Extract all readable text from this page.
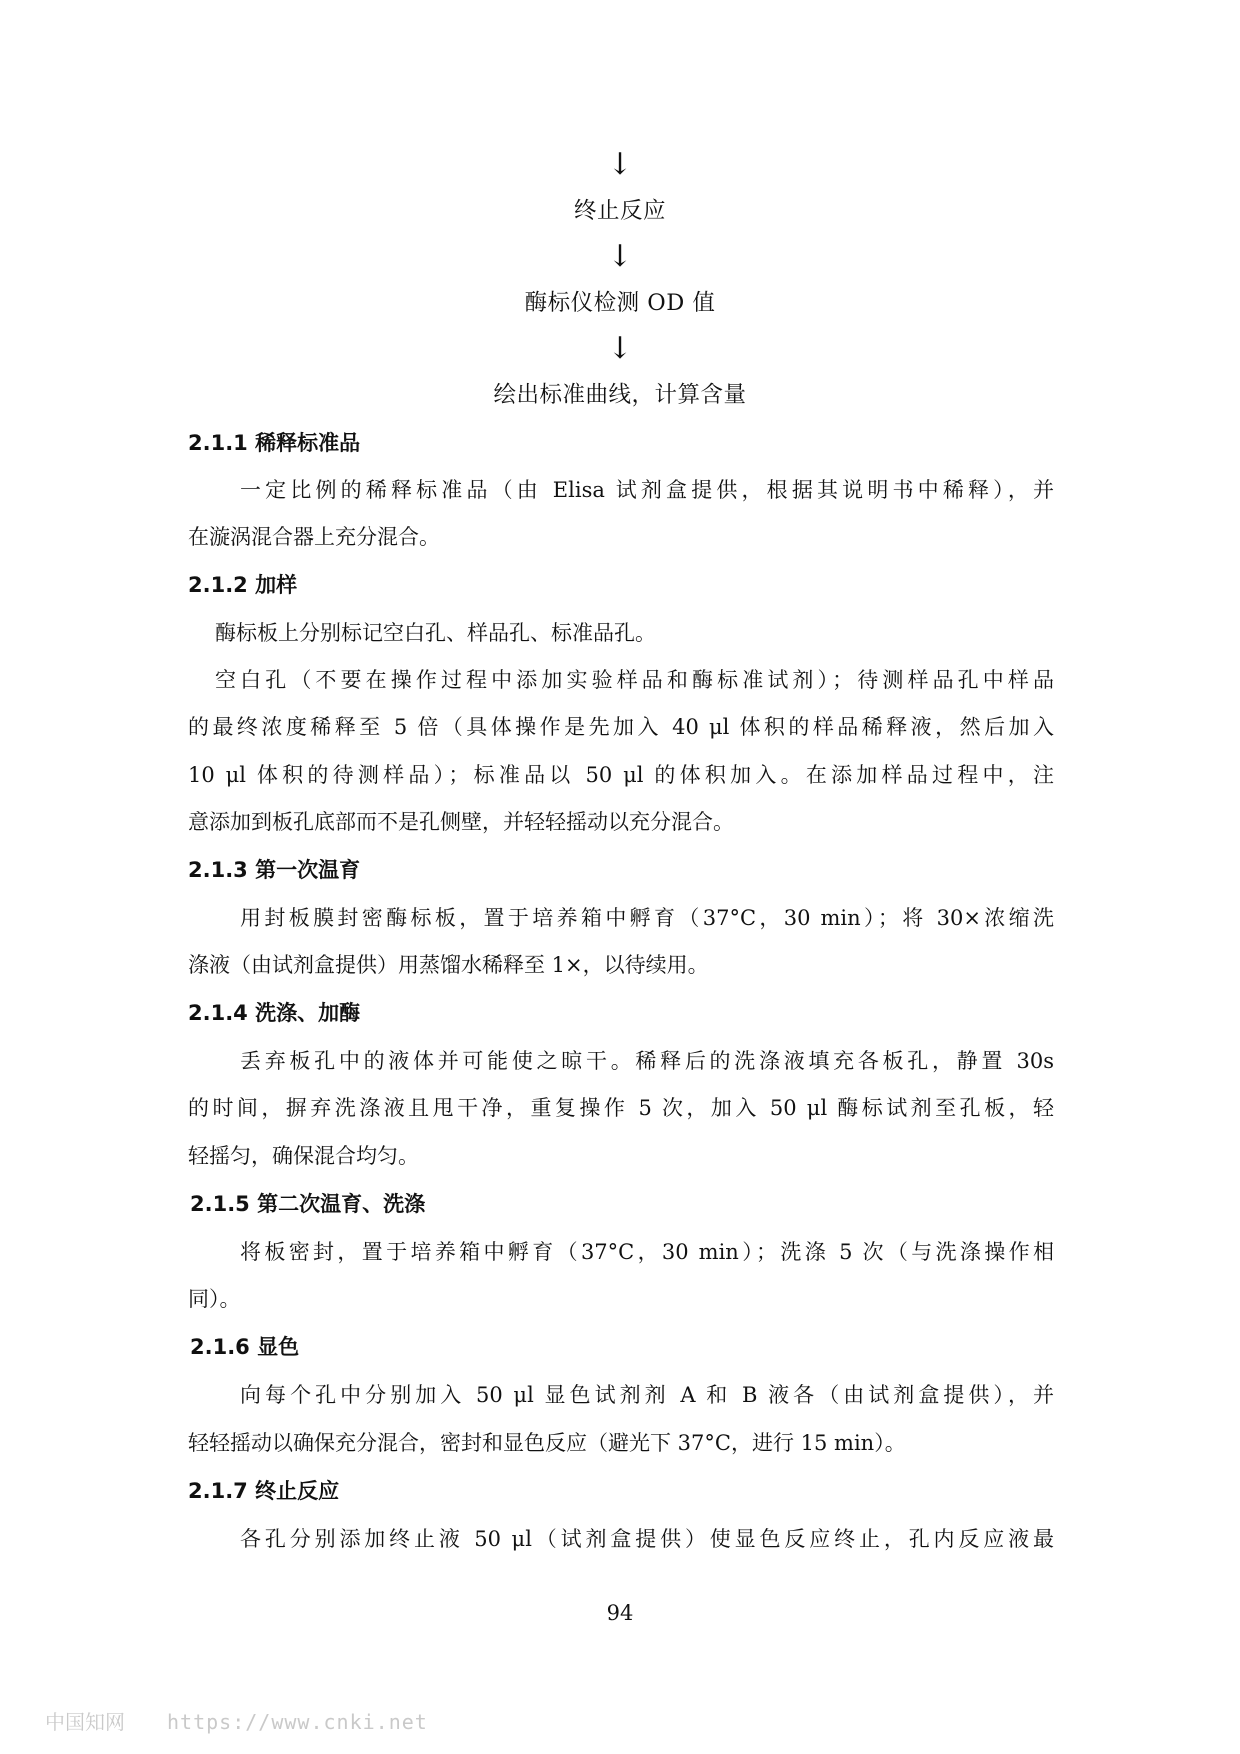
↓
终止反应
↓
酶标仪检测 OD 值
↓
绘出标准曲线，计算含量
2.1.1 稀释标准品
一定比例的稀释标准品（由 Elisa 试剂盒提供，根据其说明书中稀释），并
在漩涡混合器上充分混合。
2.1.2 加样
酶标板上分别标记空白孔、样品孔、标准品孔。
空白孔（不要在操作过程中添加实验样品和酶标准试剂）；待测样品孔中样品
的最终浓度稀释至 5 倍（具体操作是先加入 40 μl 体积的样品稀释液，然后加入
10 μl 体积的待测样品）；标准品以 50 μl 的体积加入。在添加样品过程中，注
意添加到板孔底部而不是孔侧壁，并轻轻摇动以充分混合。
2.1.3 第一次温育
用封板膜封密酶标板，置于培养箱中孵育（37°C，30 min）；将 30×浓缩洗
涤液（由试剂盒提供）用蒸馏水稀释至 1×，以待续用。
2.1.4 洗涤、加酶
丢弃板孔中的液体并可能使之晾干。稀释后的洗涤液填充各板孔，静置 30s
的时间，摒弃洗涤液且甩干净，重复操作 5 次，加入 50 μl 酶标试剂至孔板，轻
轻摇匀，确保混合均匀。
2.1.5 第二次温育、洗涤
将板密封，置于培养箱中孵育（37°C，30 min）；洗涤 5 次（与洗涤操作相
同）。
2.1.6 显色
向每个孔中分别加入 50 μl 显色试剂剂 A 和 B 液各（由试剂盒提供），并
轻轻摇动以确保充分混合，密封和显色反应（避光下 37°C，进行 15 min）。
2.1.7 终止反应
各孔分别添加终止液 50 μl（试剂盒提供）使显色反应终止，孔内反应液最
94
中国知网 https://www.cnki.net
